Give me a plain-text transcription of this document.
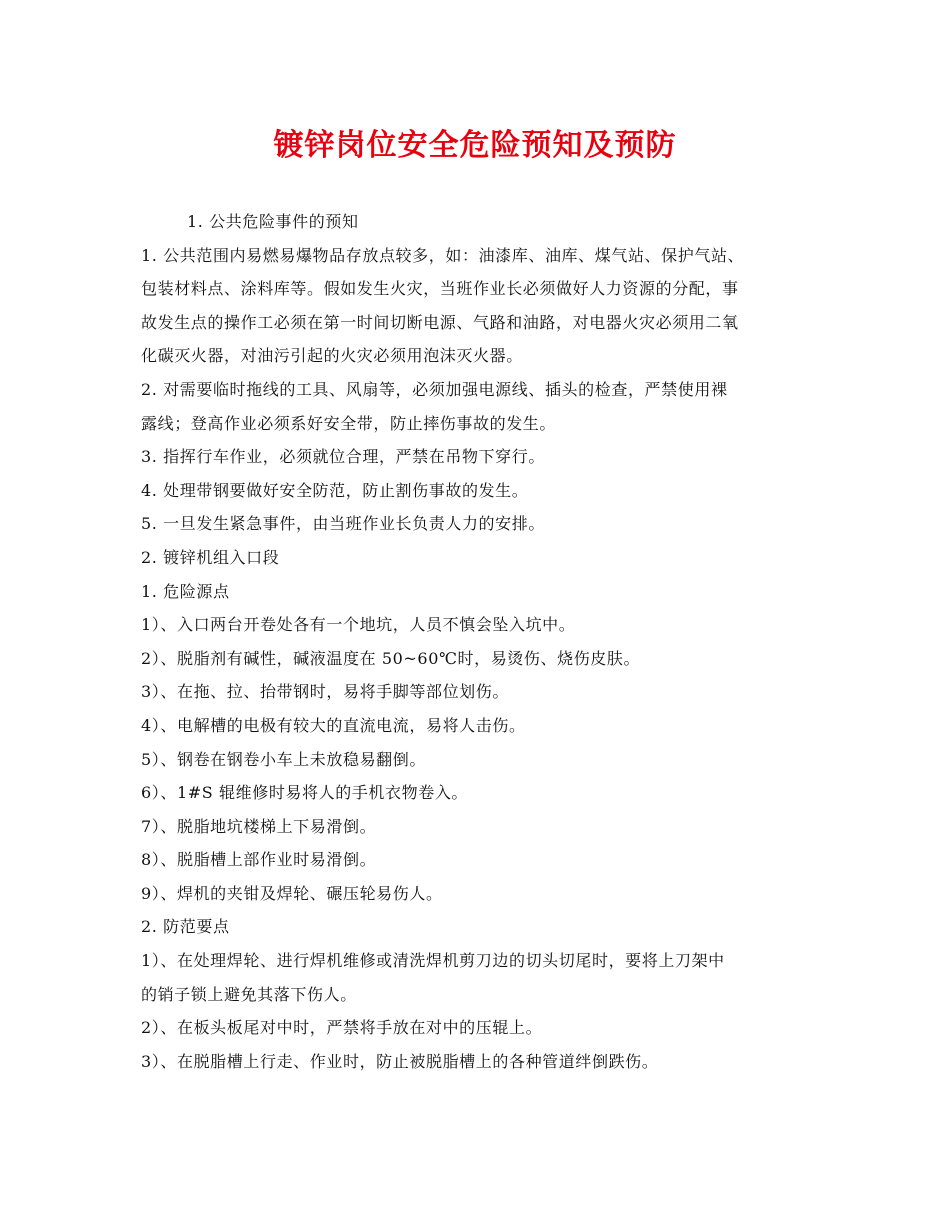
镀锌岗位安全危险预知及预防
1. 公共危险事件的预知
1. 公共范围内易燃易爆物品存放点较多，如：油漆库、油库、煤气站、保护气站、
包装材料点、涂料库等。假如发生火灾，当班作业长必须做好人力资源的分配，事
故发生点的操作工必须在第一时间切断电源、气路和油路，对电器火灾必须用二氧
化碳灭火器，对油污引起的火灾必须用泡沫灭火器。
2. 对需要临时拖线的工具、风扇等，必须加强电源线、插头的检查，严禁使用裸
露线；登高作业必须系好安全带，防止摔伤事故的发生。
3. 指挥行车作业，必须就位合理，严禁在吊物下穿行。
4. 处理带钢要做好安全防范，防止割伤事故的发生。
5. 一旦发生紧急事件，由当班作业长负责人力的安排。
2. 镀锌机组入口段
1. 危险源点
1）、入口两台开卷处各有一个地坑，人员不慎会坠入坑中。
2）、脱脂剂有碱性，碱液温度在 50~60℃时，易烫伤、烧伤皮肤。
3）、在拖、拉、抬带钢时，易将手脚等部位划伤。
4）、电解槽的电极有较大的直流电流，易将人击伤。
5）、钢卷在钢卷小车上未放稳易翻倒。
6）、1#S 辊维修时易将人的手机衣物卷入。
7）、脱脂地坑楼梯上下易滑倒。
8）、脱脂槽上部作业时易滑倒。
9）、焊机的夹钳及焊轮、碾压轮易伤人。
2. 防范要点
1）、在处理焊轮、进行焊机维修或清洗焊机剪刀边的切头切尾时，要将上刀架中
的销子锁上避免其落下伤人。
2）、在板头板尾对中时，严禁将手放在对中的压辊上。
3）、在脱脂槽上行走、作业时，防止被脱脂槽上的各种管道绊倒跌伤。
